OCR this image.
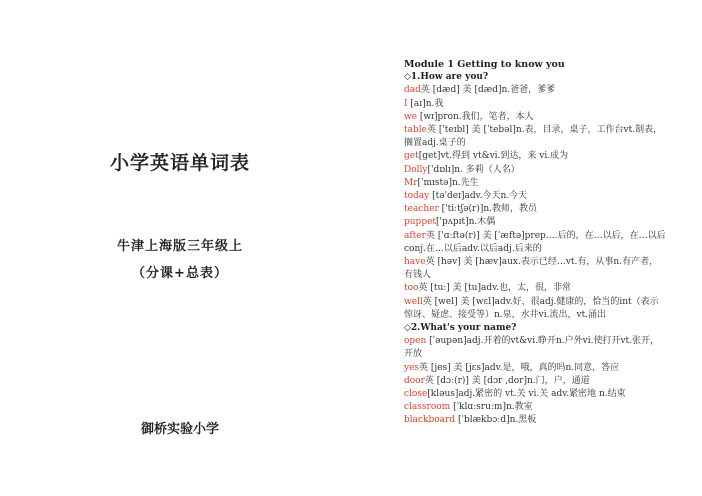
小学英语单词表
牛津上海版三年级上
（分课+总表）
御桥实验小学
Module 1 Getting to know you
◇1.How are you?
dad英 [dæd] 美 [dæd]n.爸爸，爹爹
I [aɪ]n.我
we [wɪ]pron.我们，笔者，本人
table英 ['teɪbl] 美 [ˈtebəl]n.表，目录，桌子，工作台vt.制表，搁置adj.桌子的
get[get]vt.得到 vt&vi.到达，来 vi.成为
Dolly['dɒlɪ]n. 多莉（人名）
Mr[ˈmɪstə]n.先生
today [tə'deɪ]adv.今天n.今天
teacher ['tiːtʃə(r)]n.教师，教员
puppet['pʌpɪt]n.木偶
after英 ['ɑːftə(r)] 美 [ˈæftə]prep….后的，在…以后，在…以后conj.在…以后adv.以后adj.后来的
have英 [həv] 美 [hæv]aux.表示已经…vt.有，从事n.有产者，有钱人
too英 [tuː] 美 [tu]adv.也，太，很，非常
well英 [wel] 美 [wɛl]adv.好，很adj.健康的，恰当的int（表示惊讶、疑虑、接受等）n.泉，水井vi.流出，vt.涌出
◇2.What's your name?
open [ˈəupən]adj.开着的vt&vi.睁开n.户外vi.使打开vt.张开，开放
yes英 [jes] 美 [jɛs]adv.是，哦，真的吗n.同意，答应
door英 [dɔː(r)] 美 [dɔr ,dor]n.门，户，通道
close[kləus]adj.紧密的 vt.关 vi.关 adv.紧密地 n.结束
classroom [ˈklɑːsruːm]n.教室
blackboard [ˈblækbɔːd]n.黑板
